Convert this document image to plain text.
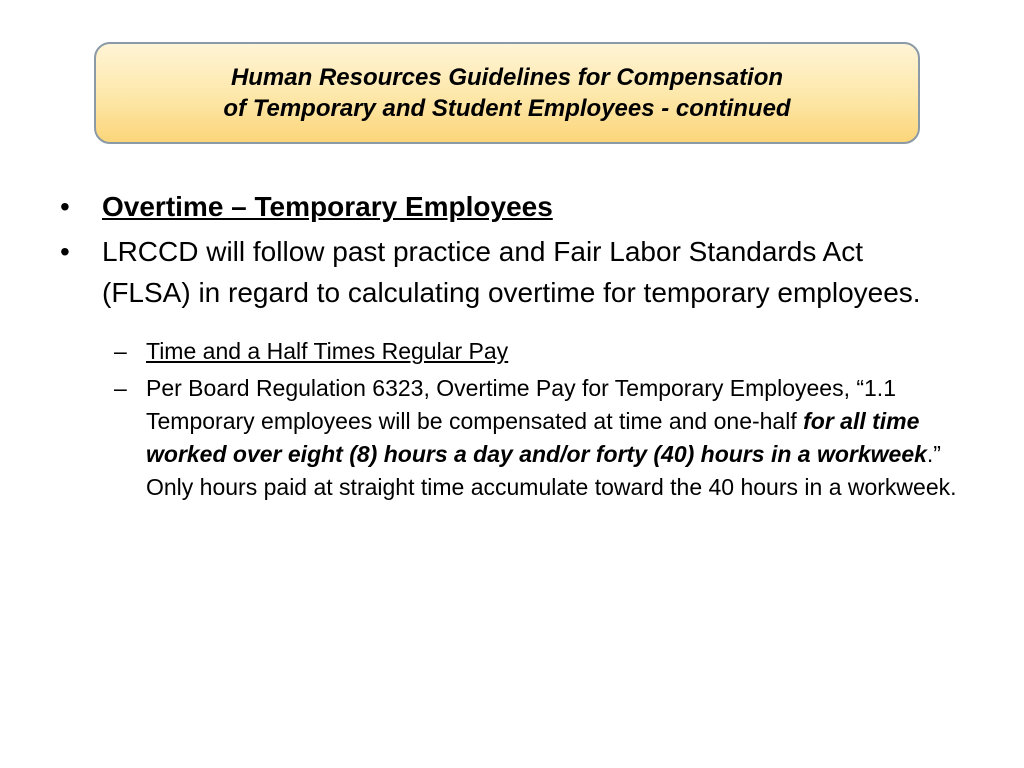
Human Resources Guidelines for Compensation
of Temporary and Student Employees - continued
•	Overtime – Temporary Employees
•	LRCCD will follow past practice and Fair Labor Standards Act (FLSA) in regard to calculating overtime for temporary employees.
– Time and a Half Times Regular Pay
– Per Board Regulation 6323, Overtime Pay for Temporary Employees, “1.1 Temporary employees will be compensated at time and one-half for all time worked over eight (8) hours a day and/or forty (40) hours in a workweek.” Only hours paid at straight time accumulate toward the 40 hours in a workweek.
